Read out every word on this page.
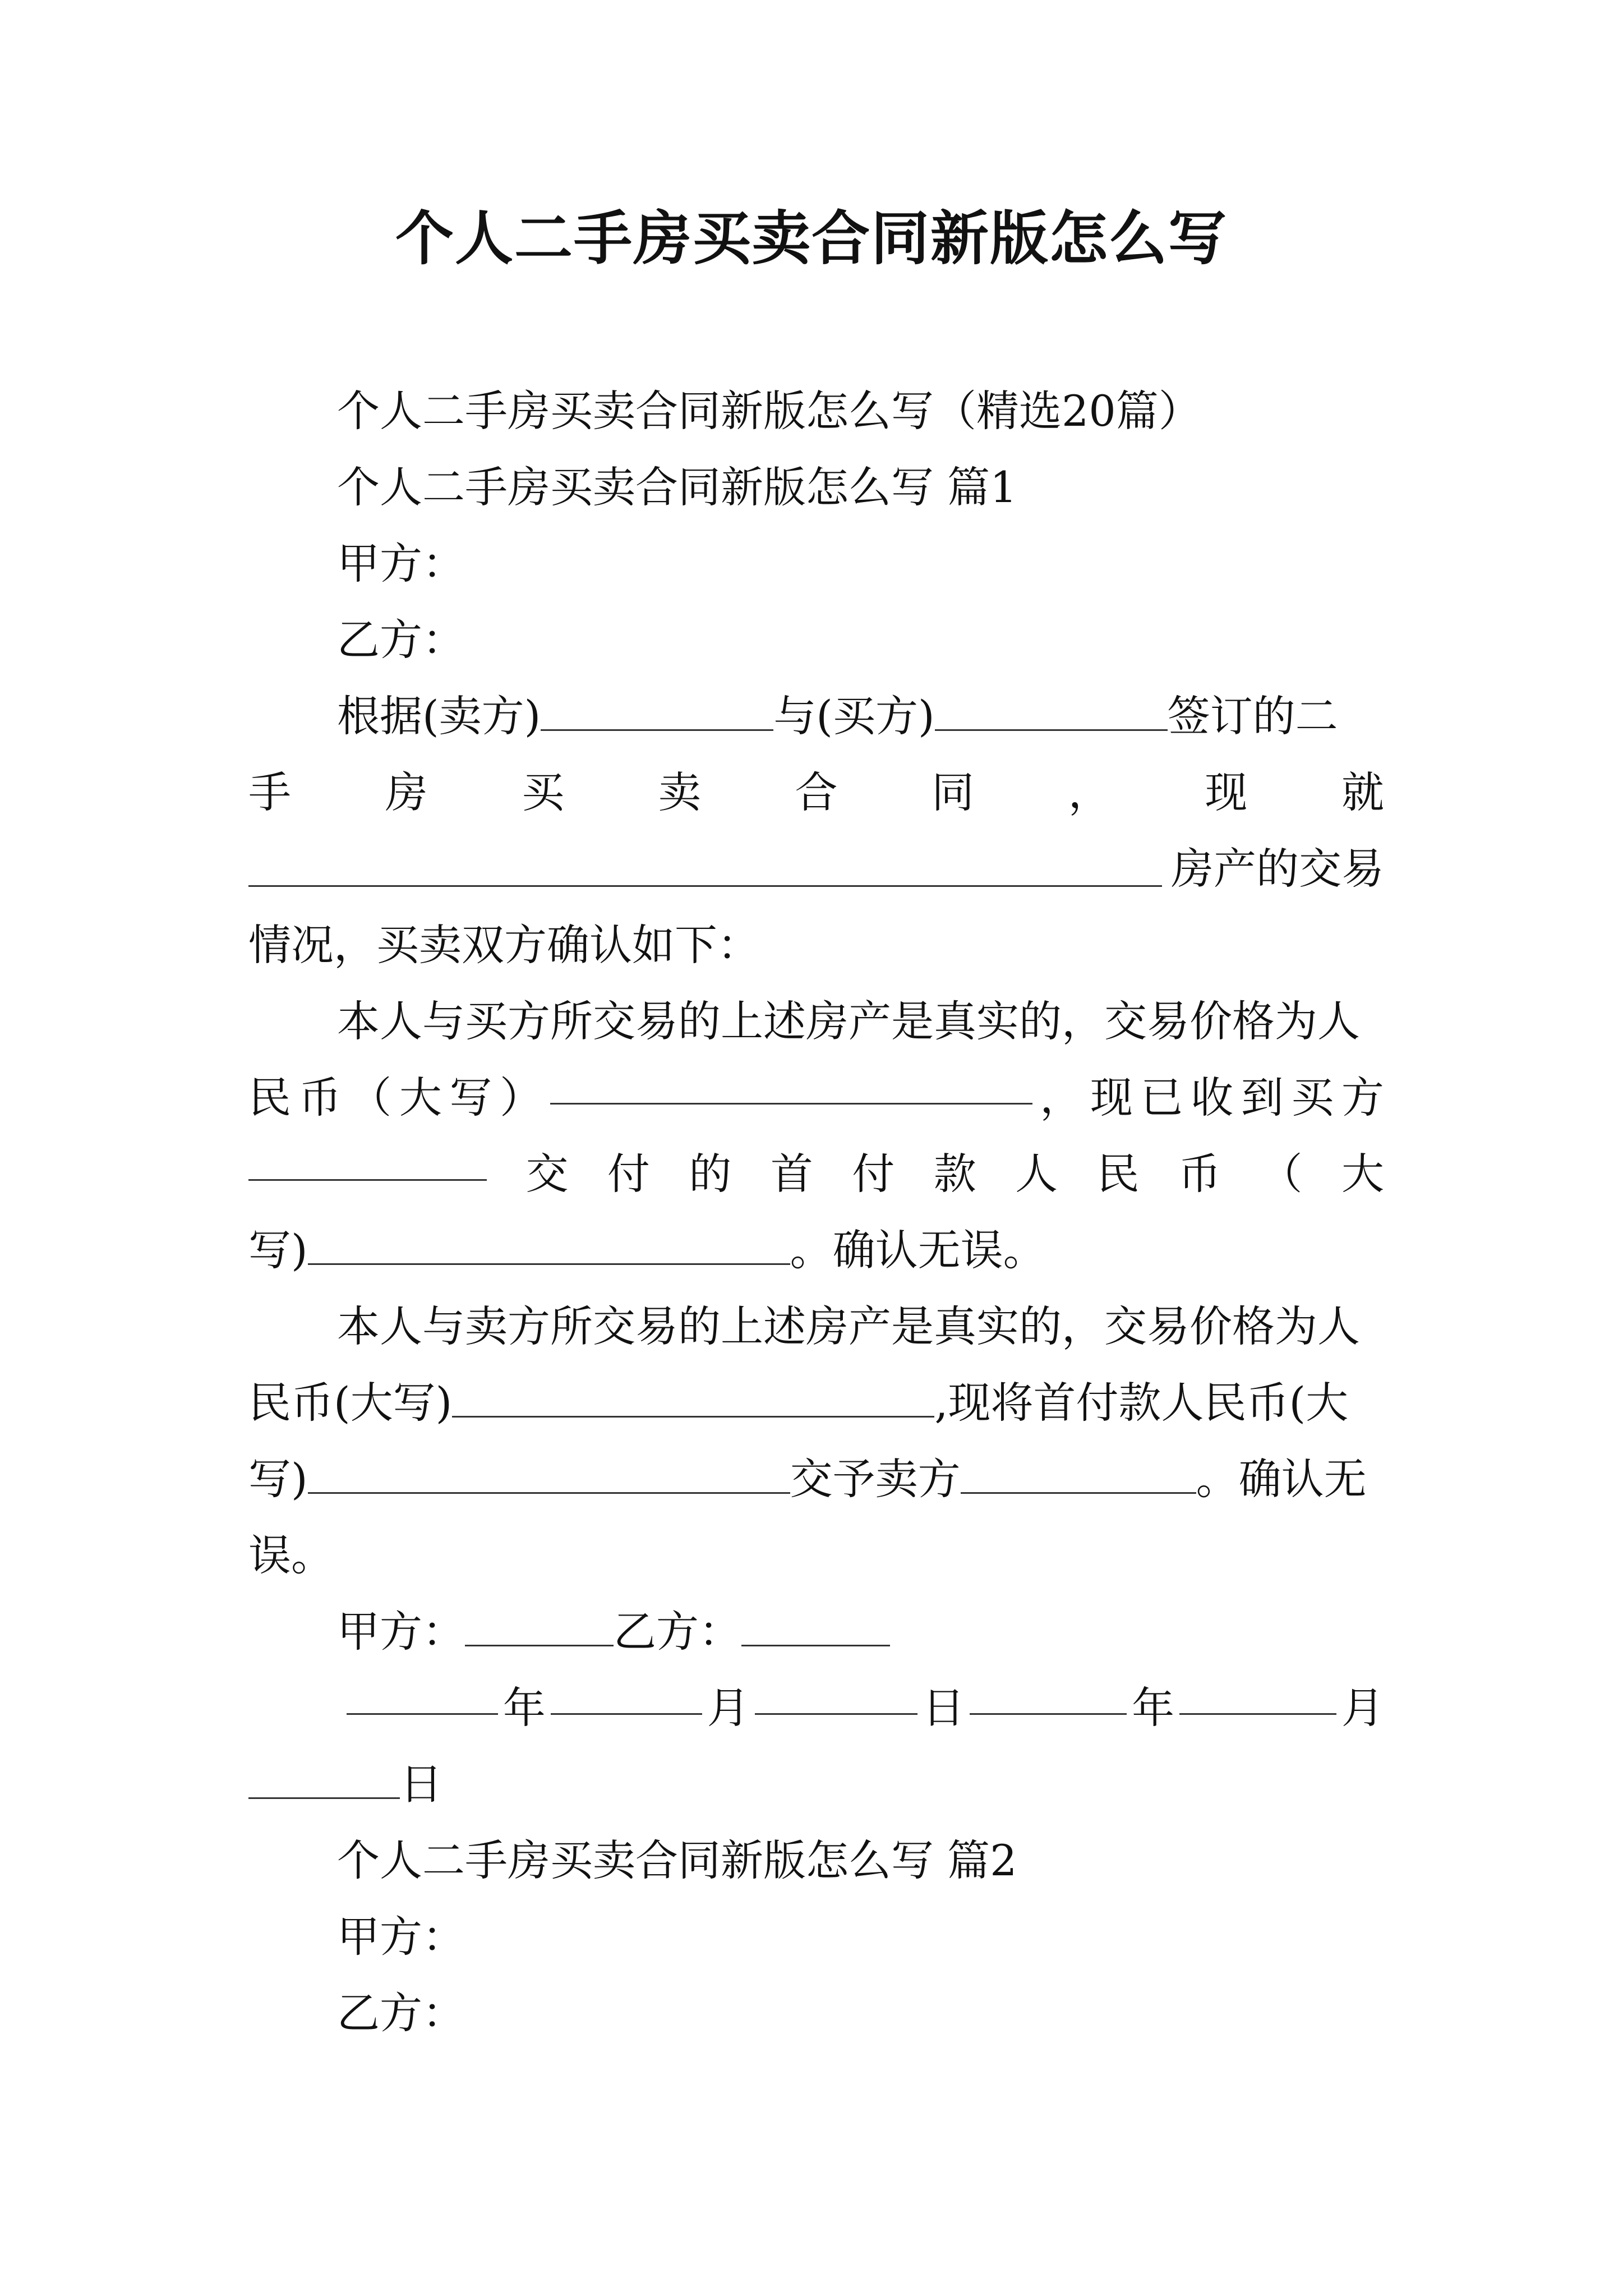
个人二手房买卖合同新版怎么写
个人二手房买卖合同新版怎么写（精选20篇）
个人二手房买卖合同新版怎么写 篇1
甲方：
乙方：
根据(卖方)	与(买方)	签订的二
手 房 买 卖 合 同 ， 现 就
房产的交易
情况，买卖双方确认如下：
本人与买方所交易的上述房产是真实的，交易价格为人
民 币 （ 大 写 ）	， 现 已 收 到 买 方
交 付 的 首 付 款 人 民 币 （ 大
写)	。确认无误。
本人与卖方所交易的上述房产是真实的，交易价格为人
民币(大写)	,现将首付款人民币(大
写)	交予卖方	。确认无
误。
甲方：	乙方：
年	月	日	年	月
日
个人二手房买卖合同新版怎么写 篇2
甲方：
乙方：
